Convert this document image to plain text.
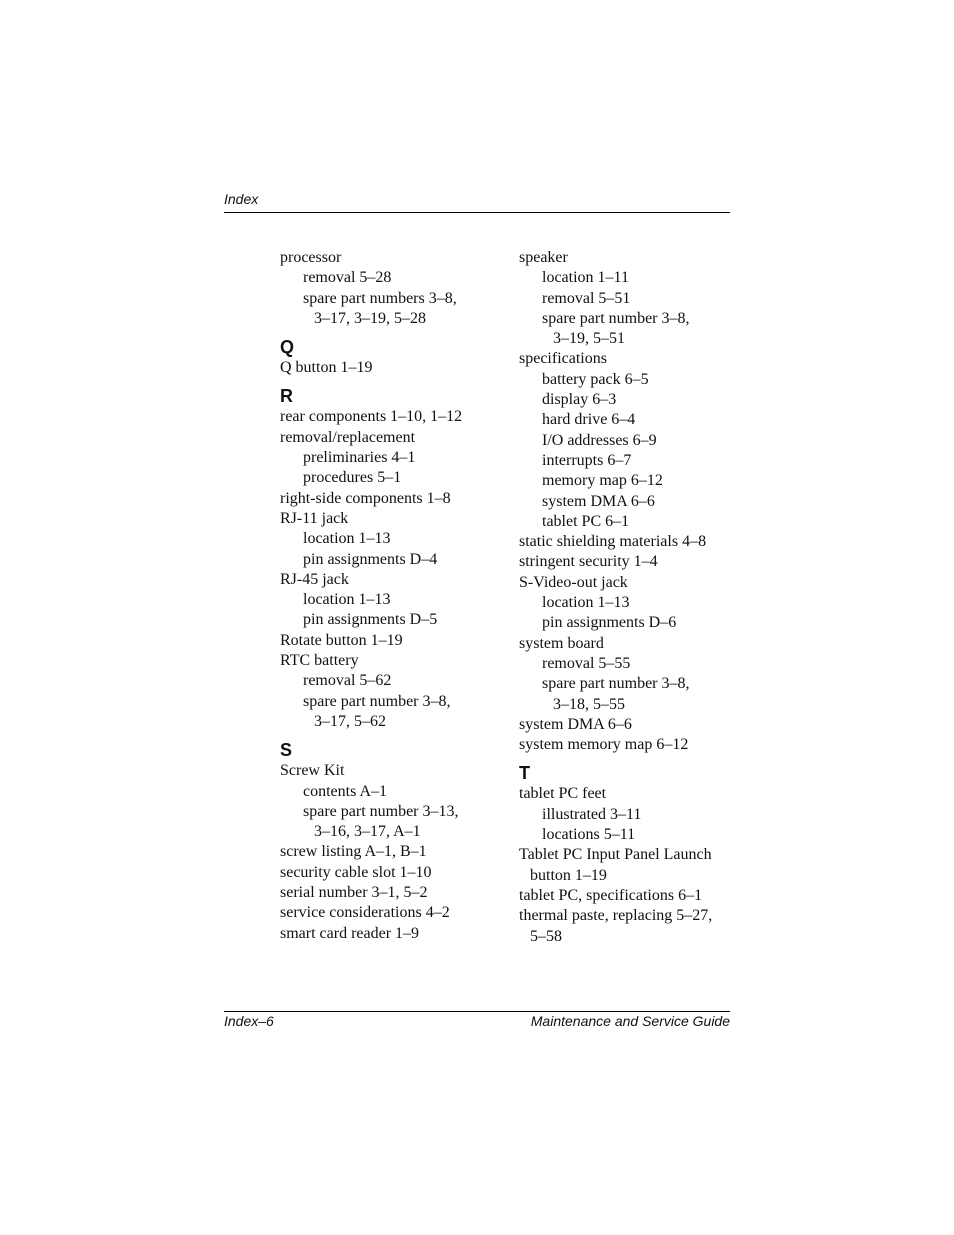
Index
processor
removal 5–28
spare part numbers 3–8,
3–17, 3–19, 5–28
Q
Q button 1–19
R
rear components 1–10, 1–12
removal/replacement
preliminaries 4–1
procedures 5–1
right-side components 1–8
RJ-11 jack
location 1–13
pin assignments D–4
RJ-45 jack
location 1–13
pin assignments D–5
Rotate button 1–19
RTC battery
removal 5–62
spare part number 3–8,
3–17, 5–62
S
Screw Kit
contents A–1
spare part number 3–13,
3–16, 3–17, A–1
screw listing A–1, B–1
security cable slot 1–10
serial number 3–1, 5–2
service considerations 4–2
smart card reader 1–9
speaker
location 1–11
removal 5–51
spare part number 3–8,
3–19, 5–51
specifications
battery pack 6–5
display 6–3
hard drive 6–4
I/O addresses 6–9
interrupts 6–7
memory map 6–12
system DMA 6–6
tablet PC 6–1
static shielding materials 4–8
stringent security 1–4
S-Video-out jack
location 1–13
pin assignments D–6
system board
removal 5–55
spare part number 3–8,
3–18, 5–55
system DMA 6–6
system memory map 6–12
T
tablet PC feet
illustrated 3–11
locations 5–11
Tablet PC Input Panel Launch
button 1–19
tablet PC, specifications 6–1
thermal paste, replacing 5–27,
5–58
Index–6	Maintenance and Service Guide
